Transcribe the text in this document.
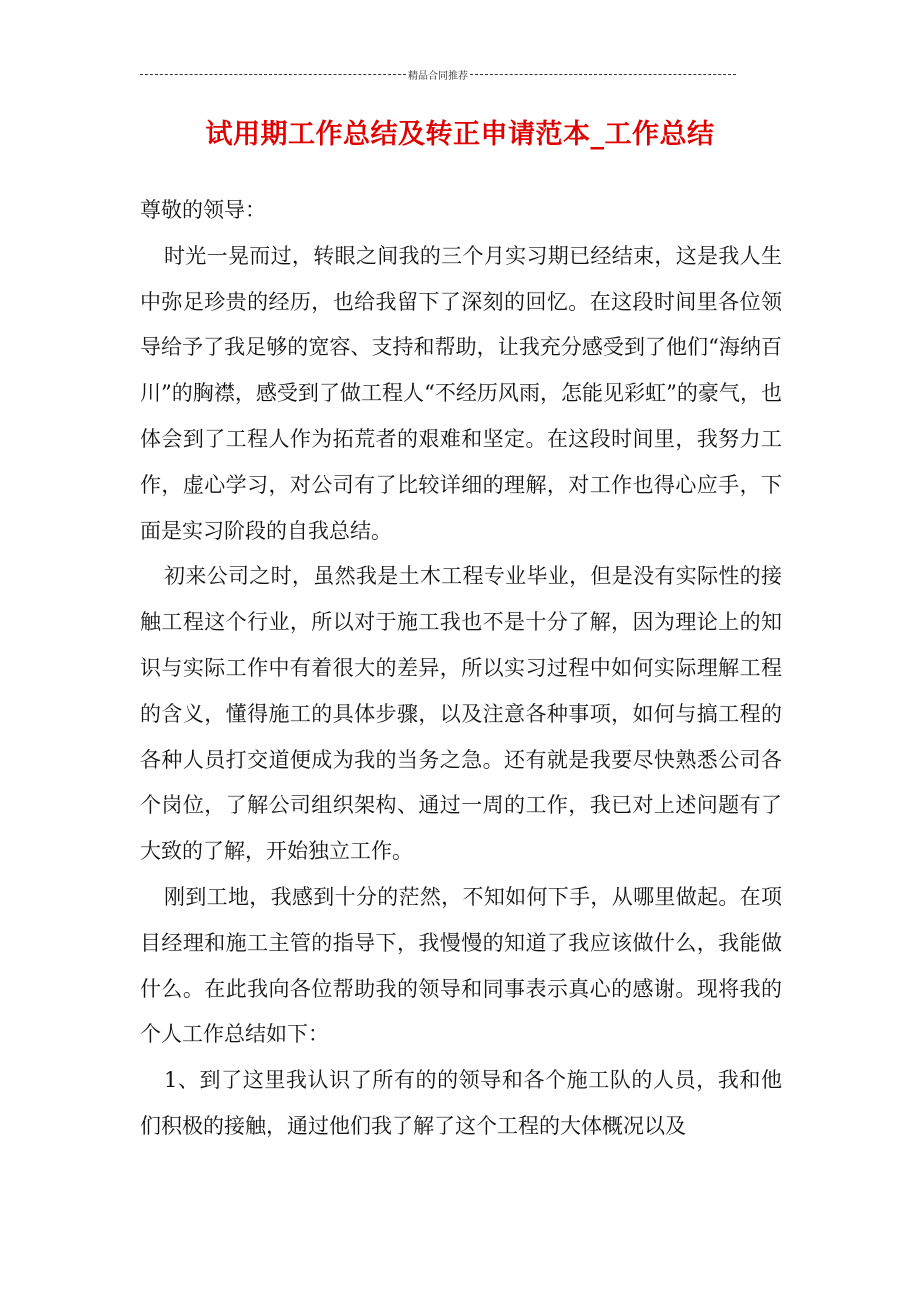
精品合同推荐
试用期工作总结及转正申请范本_工作总结

尊敬的领导：

时光一晃而过，转眼之间我的三个月实习期已经结束，这是我人生中弥足珍贵的经历，也给我留下了深刻的回忆。在这段时间里各位领导给予了我足够的宽容、支持和帮助，让我充分感受到了他们“海纳百川”的胸襟，感受到了做工程人“不经历风雨，怎能见彩虹”的豪气，也体会到了工程人作为拓荒者的艰难和坚定。在这段时间里，我努力工作，虚心学习，对公司有了比较详细的理解，对工作也得心应手，下面是实习阶段的自我总结。

初来公司之时，虽然我是土木工程专业毕业，但是没有实际性的接触工程这个行业，所以对于施工我也不是十分了解，因为理论上的知识与实际工作中有着很大的差异，所以实习过程中如何实际理解工程的含义，懂得施工的具体步骤，以及注意各种事项，如何与搞工程的各种人员打交道便成为我的当务之急。还有就是我要尽快熟悉公司各个岗位，了解公司组织架构、通过一周的工作，我已对上述问题有了大致的了解，开始独立工作。

刚到工地，我感到十分的茫然，不知如何下手，从哪里做起。在项目经理和施工主管的指导下，我慢慢的知道了我应该做什么，我能做什么。在此我向各位帮助我的领导和同事表示真心的感谢。现将我的个人工作总结如下：

1、到了这里我认识了所有的的领导和各个施工队的人员，我和他们积极的接触，通过他们我了解了这个工程的大体概况以及
